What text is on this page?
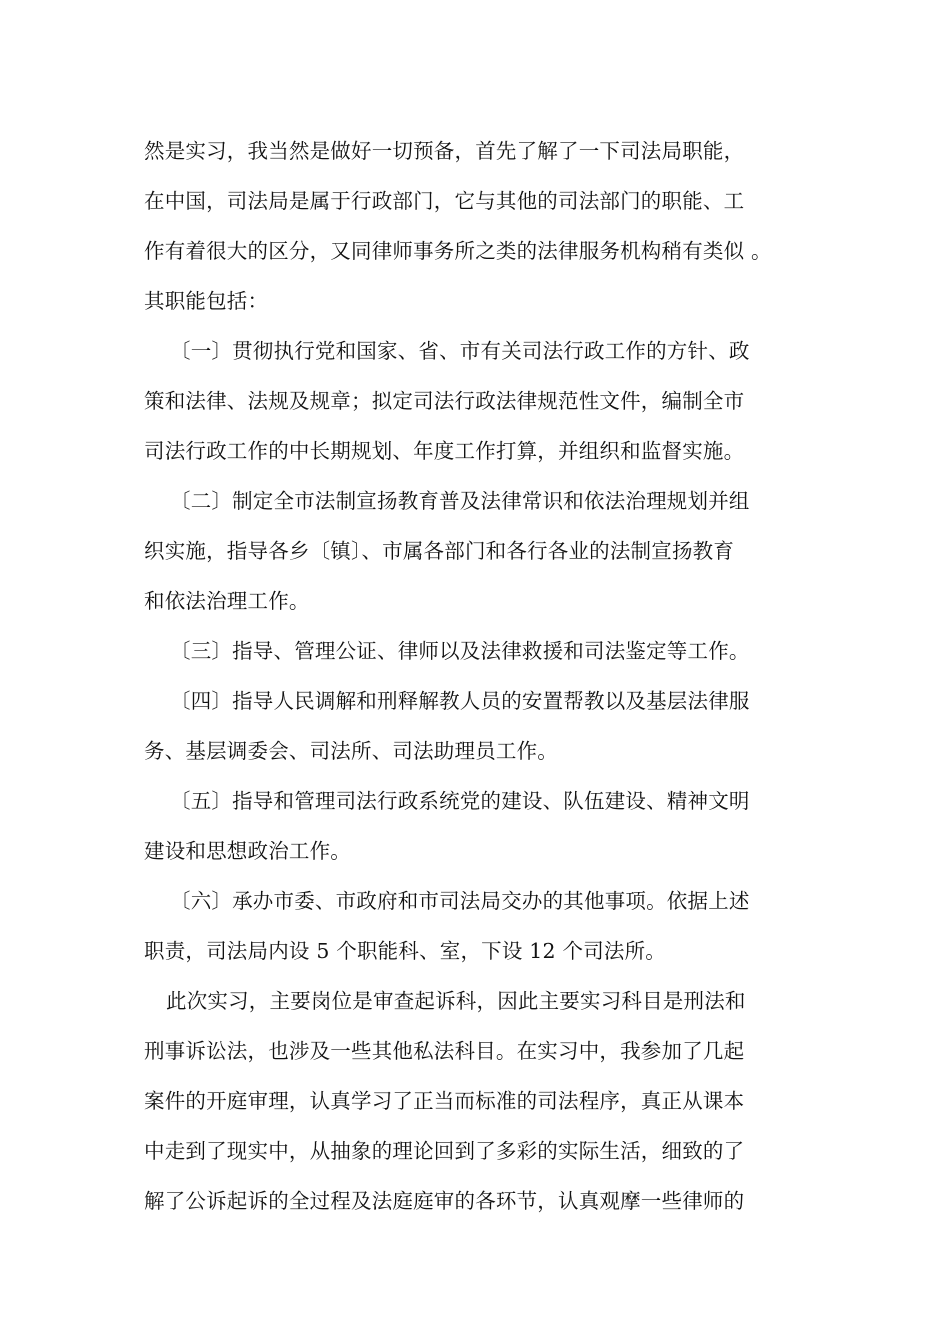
然是实习，我当然是做好一切预备，首先了解了一下司法局职能，
在中国，司法局是属于行政部门，它与其他的司法部门的职能、工
作有着很大的区分，又同律师事务所之类的法律服务机构稍有类似 。
其职能包括：
〔一〕贯彻执行党和国家、省、市有关司法行政工作的方针、政
策和法律、法规及规章；拟定司法行政法律规范性文件，编制全市
司法行政工作的中长期规划、年度工作打算，并组织和监督实施。
〔二〕制定全市法制宣扬教育普及法律常识和依法治理规划并组
织实施，指导各乡〔镇〕、市属各部门和各行各业的法制宣扬教育
和依法治理工作。
〔三〕指导、管理公证、律师以及法律救援和司法鉴定等工作。
〔四〕指导人民调解和刑释解教人员的安置帮教以及基层法律服
务、基层调委会、司法所、司法助理员工作。
〔五〕指导和管理司法行政系统党的建设、队伍建设、精神文明
建设和思想政治工作。
〔六〕承办市委、市政府和市司法局交办的其他事项。依据上述
职责，司法局内设 5 个职能科、室，下设 12 个司法所。
此次实习，主要岗位是审查起诉科，因此主要实习科目是刑法和
刑事诉讼法，也涉及一些其他私法科目。在实习中，我参加了几起
案件的开庭审理，认真学习了正当而标准的司法程序，真正从课本
中走到了现实中，从抽象的理论回到了多彩的实际生活，细致的了
解了公诉起诉的全过程及法庭庭审的各环节，认真观摩一些律师的
